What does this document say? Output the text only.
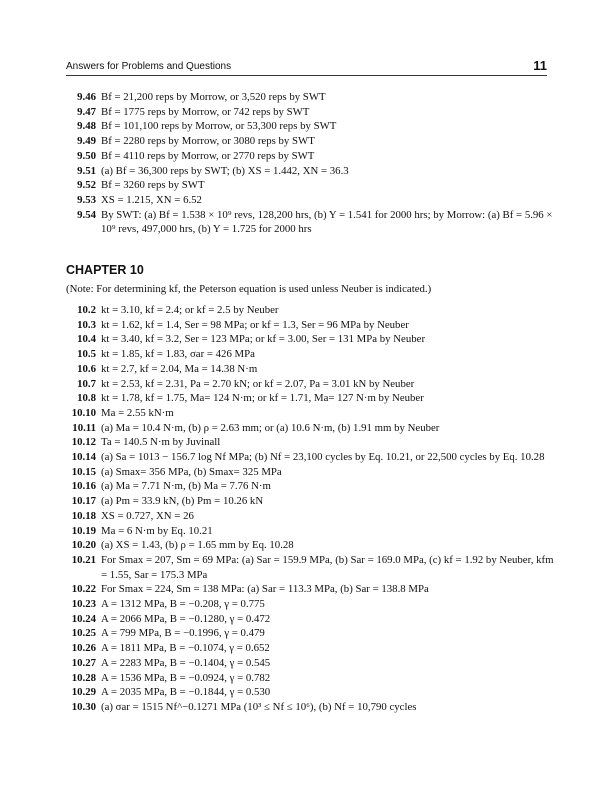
Answers for Problems and Questions	11
9.46 Bf = 21,200 reps by Morrow, or 3,520 reps by SWT
9.47 Bf = 1775 reps by Morrow, or 742 reps by SWT
9.48 Bf = 101,100 reps by Morrow, or 53,300 reps by SWT
9.49 Bf = 2280 reps by Morrow, or 3080 reps by SWT
9.50 Bf = 4110 reps by Morrow, or 2770 reps by SWT
9.51 (a) Bf = 36,300 reps by SWT; (b) XS = 1.442, XN = 36.3
9.52 Bf = 3260 reps by SWT
9.53 XS = 1.215, XN = 6.52
9.54 By SWT: (a) Bf = 1.538 × 10⁹ revs, 128,200 hrs, (b) Y = 1.541 for 2000 hrs; by Morrow: (a) Bf = 5.96 × 10⁹ revs, 497,000 hrs, (b) Y = 1.725 for 2000 hrs
CHAPTER 10
(Note: For determining kf, the Peterson equation is used unless Neuber is indicated.)
10.2 kt = 3.10, kf = 2.4; or kf = 2.5 by Neuber
10.3 kt = 1.62, kf = 1.4, Ser = 98 MPa; or kf = 1.3, Ser = 96 MPa by Neuber
10.4 kt = 3.40, kf = 3.2, Ser = 123 MPa; or kf = 3.00, Ser = 131 MPa by Neuber
10.5 kt = 1.85, kf = 1.83, σar = 426 MPa
10.6 kt = 2.7, kf = 2.04, Ma = 14.38 N·m
10.7 kt = 2.53, kf = 2.31, Pa = 2.70 kN; or kf = 2.07, Pa = 3.01 kN by Neuber
10.8 kt = 1.78, kf = 1.75, Ma= 124 N·m; or kf = 1.71, Ma= 127 N·m by Neuber
10.10 Ma = 2.55 kN·m
10.11 (a) Ma = 10.4 N·m, (b) ρ = 2.63 mm; or (a) 10.6 N·m, (b) 1.91 mm by Neuber
10.12 Ta = 140.5 N·m by Juvinall
10.14 (a) Sa = 1013 − 156.7 log Nf MPa; (b) Nf = 23,100 cycles by Eq. 10.21, or 22,500 cycles by Eq. 10.28
10.15 (a) Smax= 356 MPa, (b) Smax= 325 MPa
10.16 (a) Ma = 7.71 N·m, (b) Ma = 7.76 N·m
10.17 (a) Pm = 33.9 kN, (b) Pm = 10.26 kN
10.18 XS = 0.727, XN = 26
10.19 Ma = 6 N·m by Eq. 10.21
10.20 (a) XS = 1.43, (b) ρ = 1.65 mm by Eq. 10.28
10.21 For Smax = 207, Sm = 69 MPa: (a) Sar = 159.9 MPa, (b) Sar = 169.0 MPa, (c) kf = 1.92 by Neuber, kfm = 1.55, Sar = 175.3 MPa
10.22 For Smax = 224, Sm = 138 MPa: (a) Sar = 113.3 MPa, (b) Sar = 138.8 MPa
10.23 A = 1312 MPa, B = −0.208, γ = 0.775
10.24 A = 2066 MPa, B = −0.1280, γ = 0.472
10.25 A = 799 MPa, B = −0.1996, γ = 0.479
10.26 A = 1811 MPa, B = −0.1074, γ = 0.652
10.27 A = 2283 MPa, B = −0.1404, γ = 0.545
10.28 A = 1536 MPa, B = −0.0924, γ = 0.782
10.29 A = 2035 MPa, B = −0.1844, γ = 0.530
10.30 (a) σar = 1515 Nf^−0.1271 MPa (10³ ≤ Nf ≤ 10⁶), (b) Nf = 10,790 cycles
